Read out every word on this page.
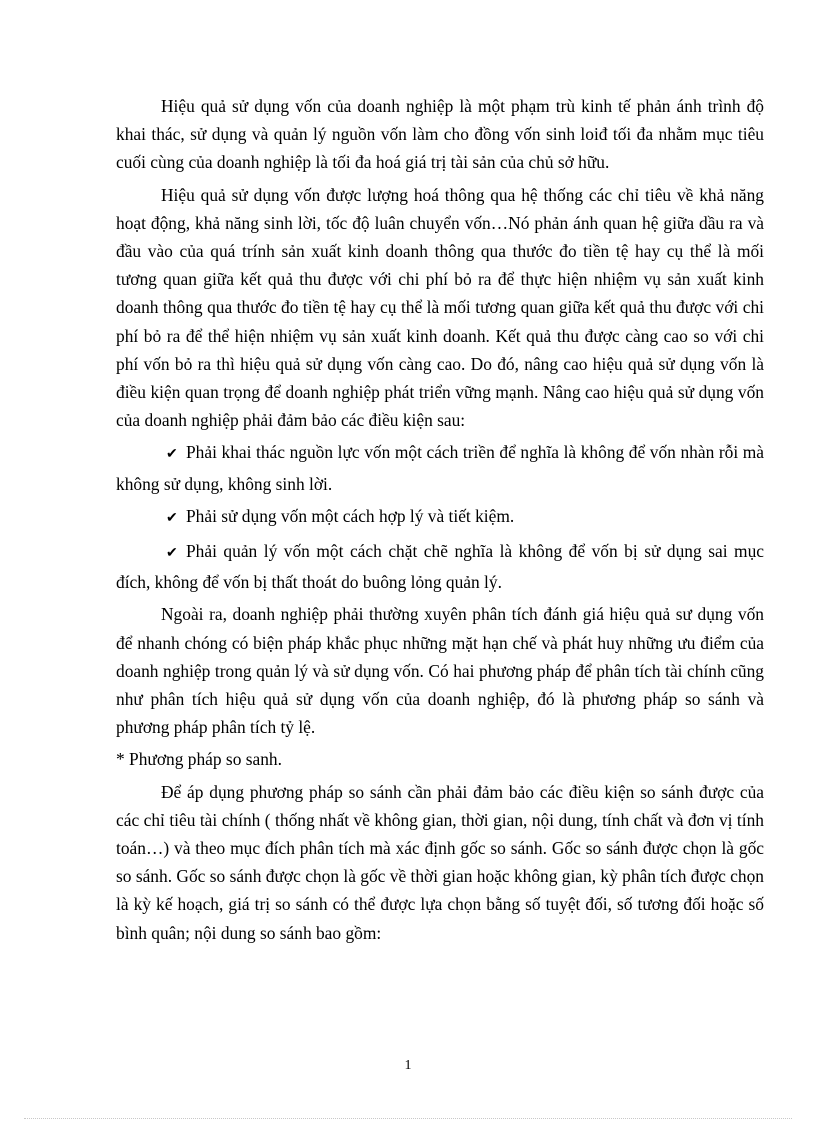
Hiệu quả sử dụng vốn của doanh nghiệp là một phạm trù kinh tế phản ánh trình độ khai thác, sử dụng và quản lý nguồn vốn làm cho đồng vốn sinh loiđ tối đa nhằm mục tiêu cuối cùng của doanh nghiệp là tối đa hoá giá trị tài sản của chủ sở hữu.

Hiệu quả sử dụng vốn được lượng hoá thông qua hệ thống các chỉ tiêu về khả năng hoạt động, khả năng sinh lời, tốc độ luân chuyển vốn…Nó phản ánh quan hệ giữa dầu ra và đầu vào của quá trính sản xuất kinh doanh thông qua thước đo tiền tệ hay cụ thể là mối tương quan giữa kết quả thu được với chi phí bỏ ra để thực hiện nhiệm vụ sản xuất kinh doanh thông qua thước đo tiền tệ hay cụ thể là mối tương quan giữa kết quả thu được với chi phí bỏ ra để thể hiện nhiệm vụ sản xuất kinh doanh. Kết quả thu được càng cao so với chi phí vốn bỏ ra thì hiệu quả sử dụng vốn càng cao. Do đó, nâng cao hiệu quả sử dụng vốn là điều kiện quan trọng để doanh nghiệp phát triển vững mạnh. Nâng cao hiệu quả sử dụng vốn của doanh nghiệp phải đảm bảo các điều kiện sau:

✔ Phải khai thác nguồn lực vốn một cách triền để nghĩa là không để vốn nhàn rỗi mà không sử dụng, không sinh lời.

✔ Phải sử dụng vốn một cách hợp lý và tiết kiệm.

✔ Phải quản lý vốn một cách chặt chẽ nghĩa là không để vốn bị sử dụng sai mục đích, không để vốn bị thất thoát do buông lỏng quản lý.

Ngoài ra, doanh nghiệp phải thường xuyên phân tích đánh giá hiệu quả sư dụng vốn để nhanh chóng có biện pháp khắc phục những mặt hạn chế và phát huy những ưu điểm của doanh nghiệp trong quản lý và sử dụng vốn. Có hai phương pháp để phân tích tài chính cũng như phân tích hiệu quả sử dụng vốn của doanh nghiệp, đó là phương pháp so sánh và phương pháp phân tích tỷ lệ.

* Phương pháp so sanh.

Để áp dụng phương pháp so sánh cần phải đảm bảo các điều kiện so sánh được của các chỉ tiêu tài chính ( thống nhất về không gian, thời gian, nội dung, tính chất và đơn vị tính toán…) và theo mục đích phân tích mà xác định gốc so sánh. Gốc so sánh được chọn là gốc so sánh. Gốc so sánh được chọn là gốc về thời gian hoặc không gian, kỳ phân tích được chọn là kỳ kế hoạch, giá trị so sánh có thể được lựa chọn bằng số tuyệt đối, số tương đối hoặc số bình quân; nội dung so sánh bao gồm:

1
